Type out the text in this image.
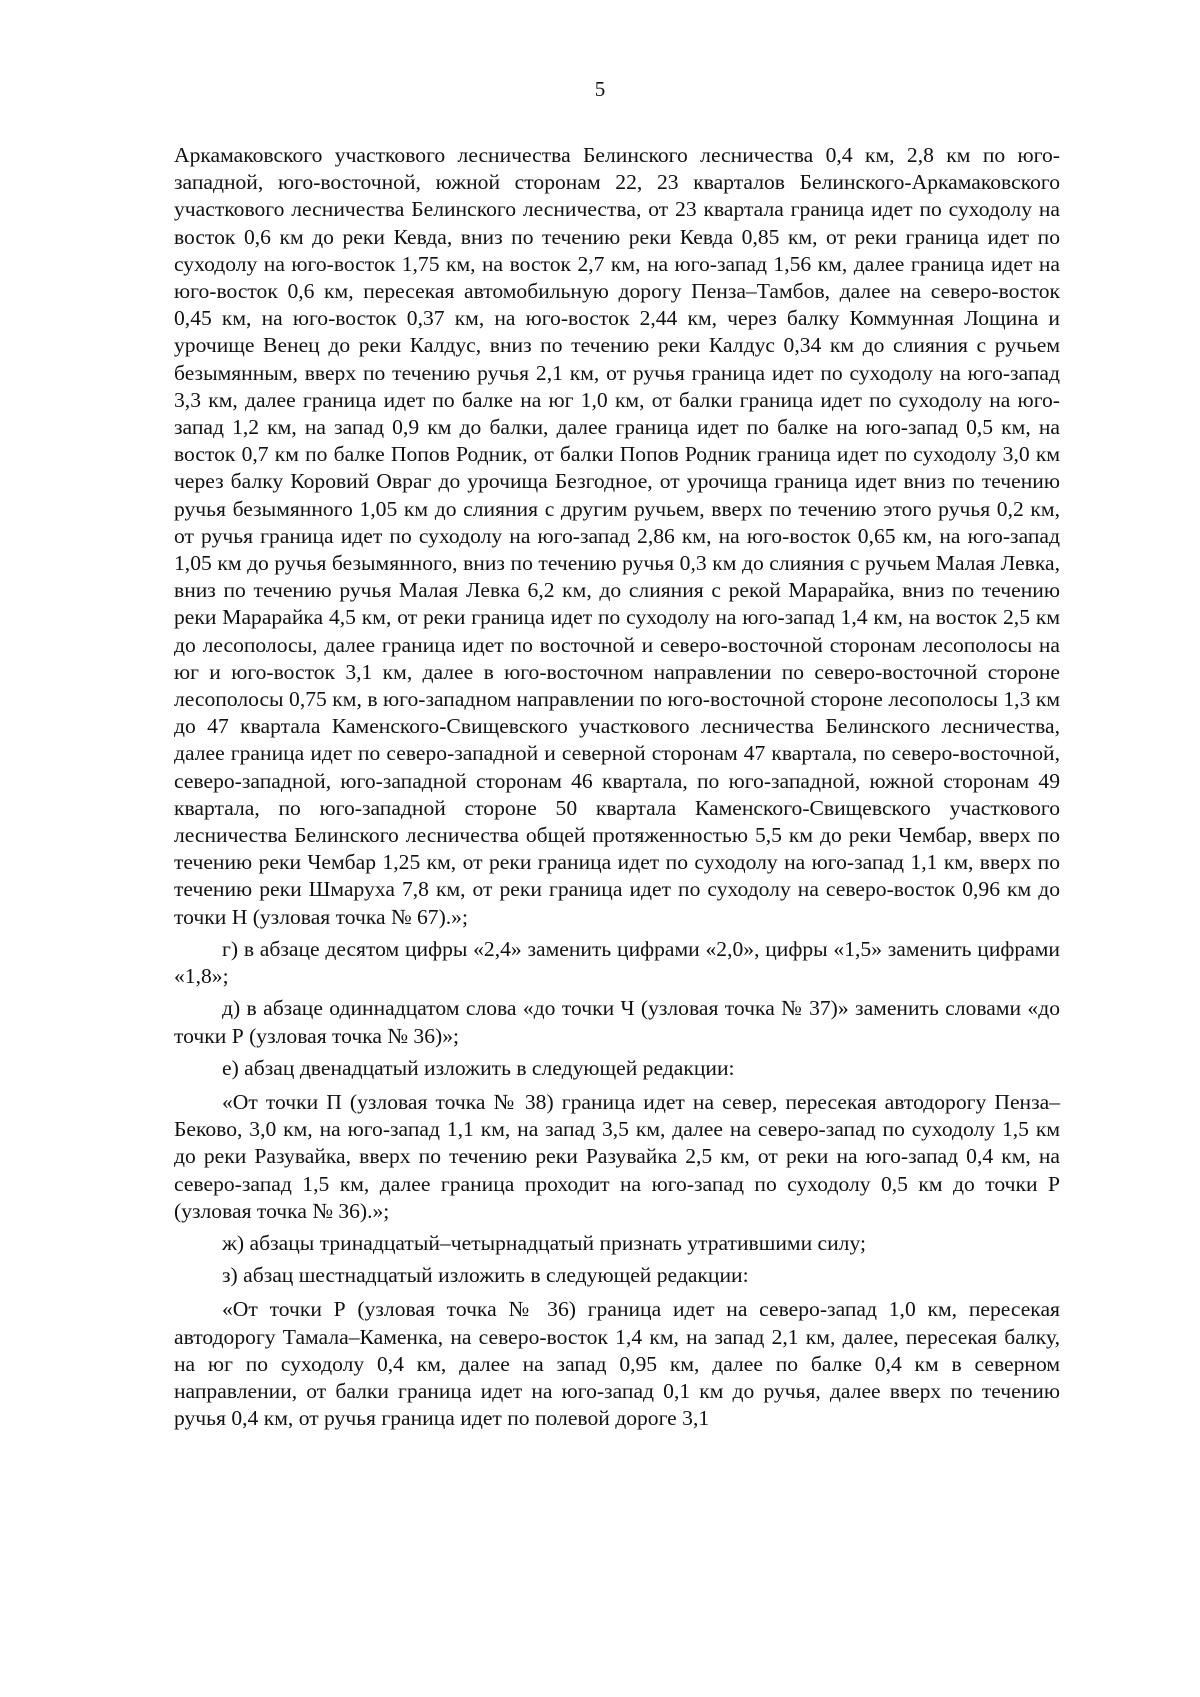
5

Аркамаковского участкового лесничества Белинского лесничества 0,4 км, 2,8 км по юго-западной, юго-восточной, южной сторонам 22, 23 кварталов Белинского-Аркамаковского участкового лесничества Белинского лесничества, от 23 квартала граница идет по суходолу на восток 0,6 км до реки Кевда, вниз по течению реки Кевда 0,85 км, от реки граница идет по суходолу на юго-восток 1,75 км, на восток 2,7 км, на юго-запад 1,56 км, далее граница идет на юго-восток 0,6 км, пересекая автомобильную дорогу Пенза–Тамбов, далее на северо-восток 0,45 км, на юго-восток 0,37 км, на юго-восток 2,44 км, через балку Коммунная Лощина и урочище Венец до реки Калдус, вниз по течению реки Калдус 0,34 км до слияния с ручьем безымянным, вверх по течению ручья 2,1 км, от ручья граница идет по суходолу на юго-запад 3,3 км, далее граница идет по балке на юг 1,0 км, от балки граница идет по суходолу на юго-запад 1,2 км, на запад 0,9 км до балки, далее граница идет по балке на юго-запад 0,5 км, на восток 0,7 км по балке Попов Родник, от балки Попов Родник граница идет по суходолу 3,0 км через балку Коровий Овраг до урочища Безгодное, от урочища граница идет вниз по течению ручья безымянного 1,05 км до слияния с другим ручьем, вверх по течению этого ручья 0,2 км, от ручья граница идет по суходолу на юго-запад 2,86 км, на юго-восток 0,65 км, на юго-запад 1,05 км до ручья безымянного, вниз по течению ручья 0,3 км до слияния с ручьем Малая Левка, вниз по течению ручья Малая Левка 6,2 км, до слияния с рекой Марарайка, вниз по течению реки Марарайка 4,5 км, от реки граница идет по суходолу на юго-запад 1,4 км, на восток 2,5 км до лесополосы, далее граница идет по восточной и северо-восточной сторонам лесополосы на юг и юго-восток 3,1 км, далее в юго-восточном направлении по северо-восточной стороне лесополосы 0,75 км, в юго-западном направлении по юго-восточной стороне лесополосы 1,3 км до 47 квартала Каменского-Свищевского участкового лесничества Белинского лесничества, далее граница идет по северо-западной и северной сторонам 47 квартала, по северо-восточной, северо-западной, юго-западной сторонам 46 квартала, по юго-западной, южной сторонам 49 квартала, по юго-западной стороне 50 квартала Каменского-Свищевского участкового лесничества Белинского лесничества общей протяженностью 5,5 км до реки Чембар, вверх по течению реки Чембар 1,25 км, от реки граница идет по суходолу на юго-запад 1,1 км, вверх по течению реки Шмаруха 7,8 км, от реки граница идет по суходолу на северо-восток 0,96 км до точки Н (узловая точка № 67).»;

г) в абзаце десятом цифры «2,4» заменить цифрами «2,0», цифры «1,5» заменить цифрами «1,8»;

д) в абзаце одиннадцатом слова «до точки Ч (узловая точка № 37)» заменить словами «до точки Р (узловая точка № 36)»;

е) абзац двенадцатый изложить в следующей редакции:

«От точки П (узловая точка № 38) граница идет на север, пересекая автодорогу Пенза–Беково, 3,0 км, на юго-запад 1,1 км, на запад 3,5 км, далее на северо-запад по суходолу 1,5 км до реки Разувайка, вверх по течению реки Разувайка 2,5 км, от реки на юго-запад 0,4 км, на северо-запад 1,5 км, далее граница проходит на юго-запад по суходолу 0,5 км до точки Р (узловая точка № 36).»;

ж) абзацы тринадцатый–четырнадцатый признать утратившими силу;

з) абзац шестнадцатый изложить в следующей редакции:

«От точки Р (узловая точка № 36) граница идет на северо-запад 1,0 км, пересекая автодорогу Тамала–Каменка, на северо-восток 1,4 км, на запад 2,1 км, далее, пересекая балку, на юг по суходолу 0,4 км, далее на запад 0,95 км, далее по балке 0,4 км в северном направлении, от балки граница идет на юго-запад 0,1 км до ручья, далее вверх по течению ручья 0,4 км, от ручья граница идет по полевой дороге 3,1
